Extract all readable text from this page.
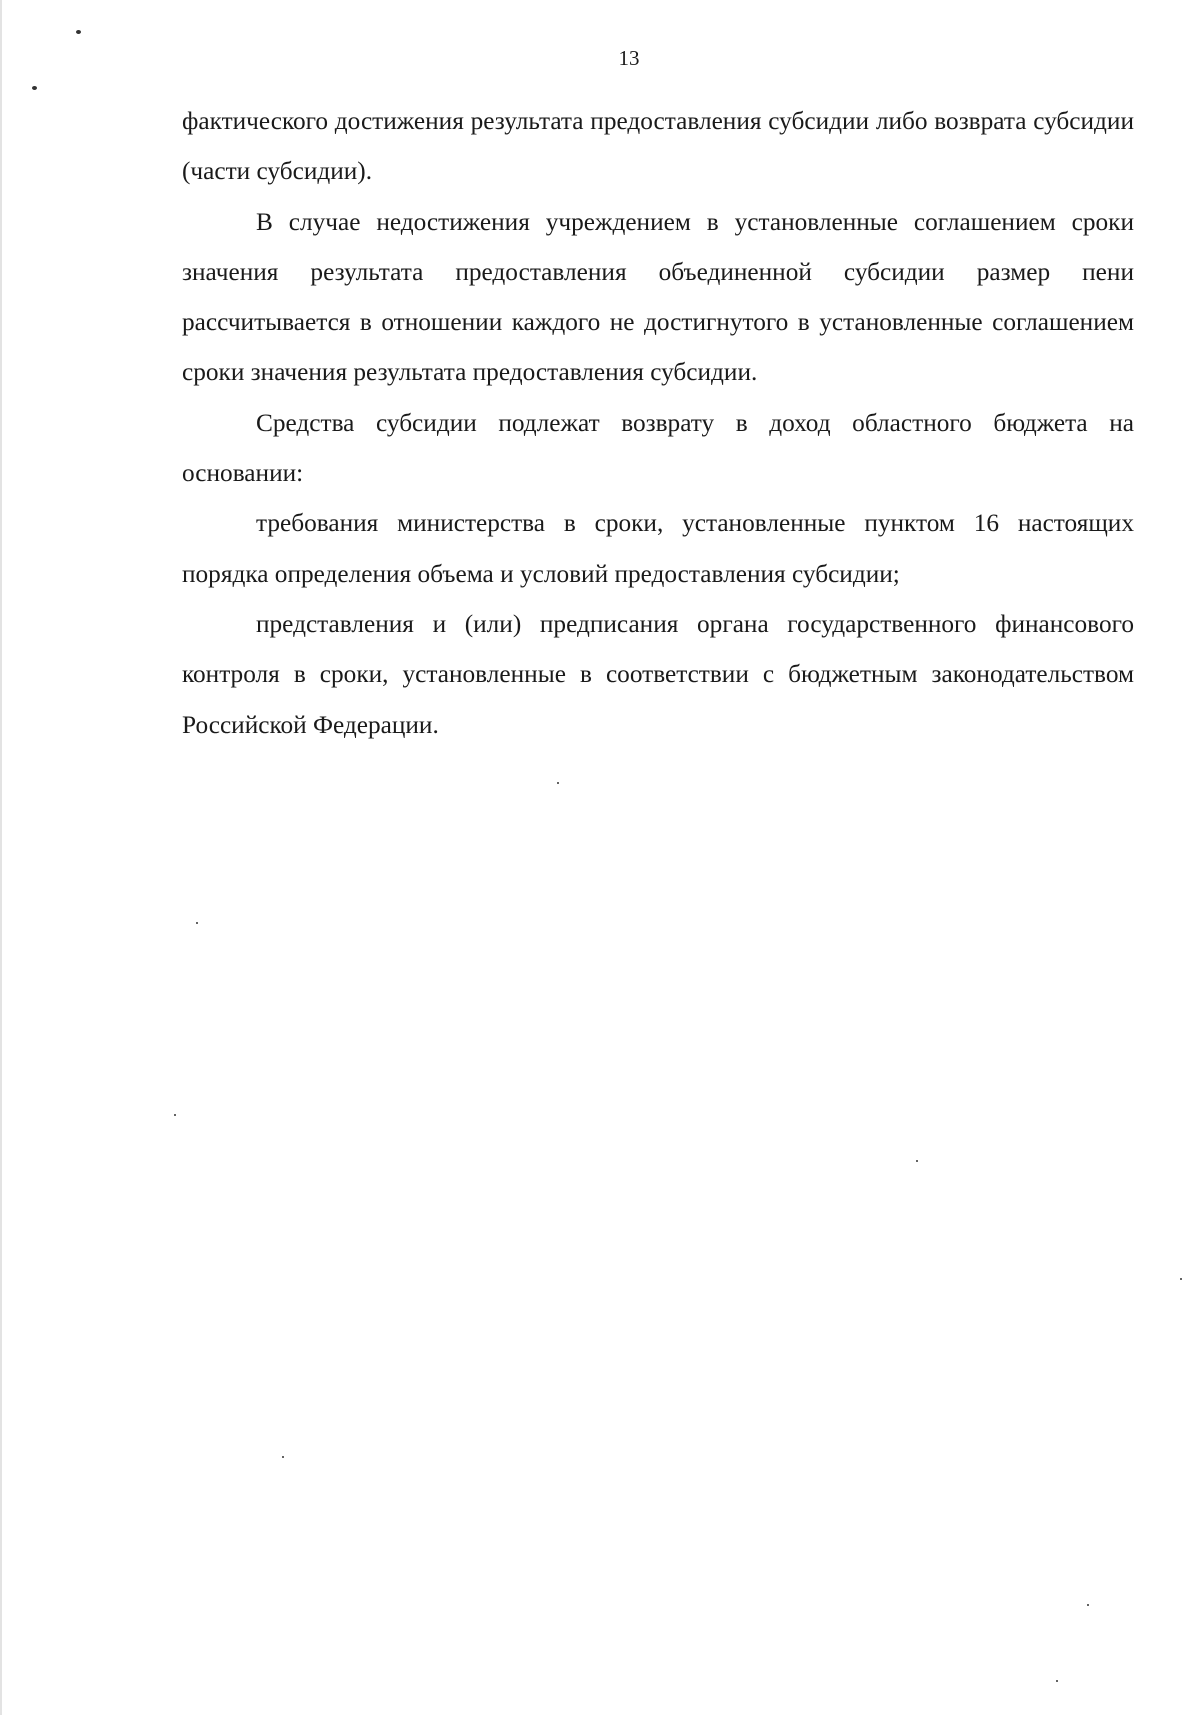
13

фактического достижения результата предоставления субсидии либо возврата субсидии (части субсидии).

В случае недостижения учреждением в установленные соглашением сроки значения результата предоставления объединенной субсидии размер пени рассчитывается в отношении каждого не достигнутого в установленные соглашением сроки значения результата предоставления субсидии.

Средства субсидии подлежат возврату в доход областного бюджета на основании:

требования министерства в сроки, установленные пунктом 16 настоящих порядка определения объема и условий предоставления субсидии;

представления и (или) предписания органа государственного финансового контроля в сроки, установленные в соответствии с бюджетным законодательством Российской Федерации.
